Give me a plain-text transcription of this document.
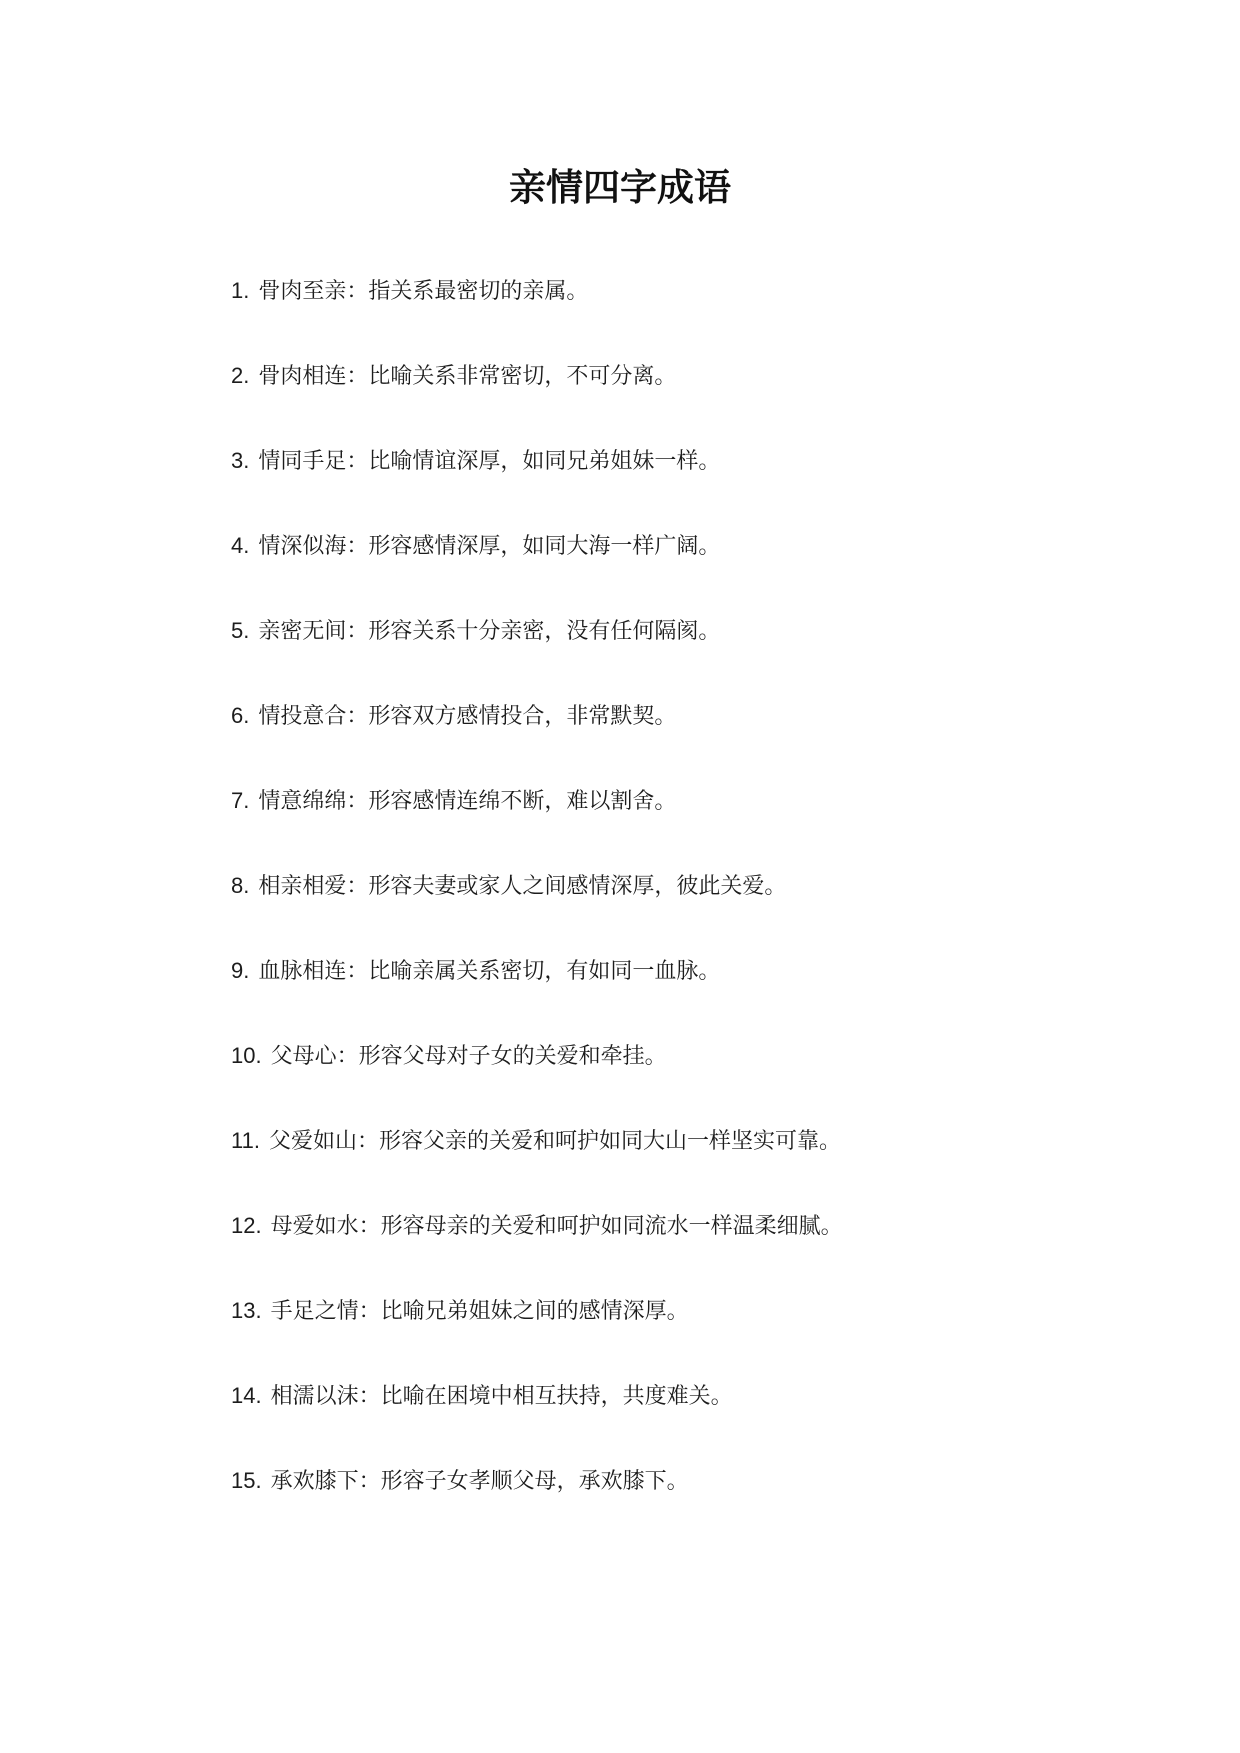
亲情四字成语
1. 骨肉至亲：指关系最密切的亲属。
2. 骨肉相连：比喻关系非常密切，不可分离。
3. 情同手足：比喻情谊深厚，如同兄弟姐妹一样。
4. 情深似海：形容感情深厚，如同大海一样广阔。
5. 亲密无间：形容关系十分亲密，没有任何隔阂。
6. 情投意合：形容双方感情投合，非常默契。
7. 情意绵绵：形容感情连绵不断，难以割舍。
8. 相亲相爱：形容夫妻或家人之间感情深厚，彼此关爱。
9. 血脉相连：比喻亲属关系密切，有如同一血脉。
10. 父母心：形容父母对子女的关爱和牵挂。
11. 父爱如山：形容父亲的关爱和呵护如同大山一样坚实可靠。
12. 母爱如水：形容母亲的关爱和呵护如同流水一样温柔细腻。
13. 手足之情：比喻兄弟姐妹之间的感情深厚。
14. 相濡以沫：比喻在困境中相互扶持，共度难关。
15. 承欢膝下：形容子女孝顺父母，承欢膝下。
